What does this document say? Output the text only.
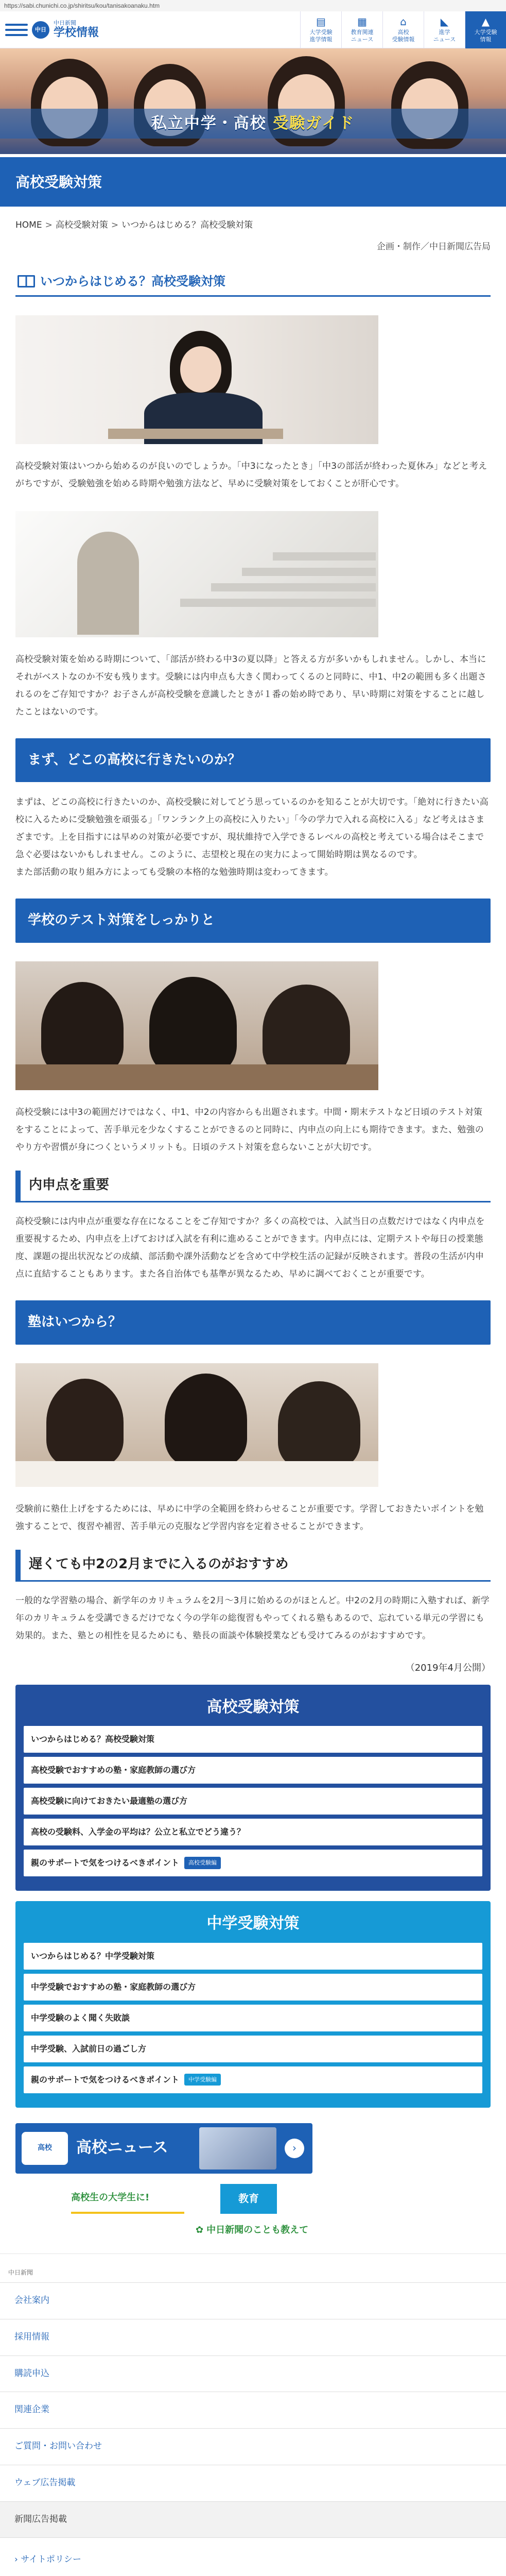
https://sabi.chunichi.co.jp/shiritsu/kou/tanisakoanaku.htm
中日
中日新聞
学校情報
▤
大学受験
進学情報
▦
教育関連
ニュース
⌂
高校
受験情報
◣
進学
ニュース
▲
大学受験
情報
私立中学・高校 受験ガイド
高校受験対策
HOME > 高校受験対策 > いつからはじめる？高校受験対策
企画・制作／中日新聞広告局
いつからはじめる？高校受験対策

高校受験対策はいつから始めるのが良いのでしょうか。「中3になったとき」「中3の部活が終わった夏休み」などと考えがちですが、受験勉強を始める時期や勉強方法など、早めに受験対策をしておくことが肝心です。

高校受験対策を始める時期について、「部活が終わる中3の夏以降」と答える方が多いかもしれません。しかし、本当にそれがベストなのか不安も残ります。受験には内申点も大きく関わってくるのと同時に、中1、中2の範囲も多く出題されるのをご存知ですか？お子さんが高校受験を意識したときが１番の始め時であり、早い時期に対策をすることに越したことはないのです。

まず、どこの高校に行きたいのか？

まずは、どこの高校に行きたいのか、高校受験に対してどう思っているのかを知ることが大切です。「絶対に行きたい高校に入るために受験勉強を頑張る」「ワンランク上の高校に入りたい」「今の学力で入れる高校に入る」など考えはさまざまです。上を目指すには早めの対策が必要ですが、現状維持で入学できるレベルの高校と考えている場合はそこまで急ぐ必要はないかもしれません。このように、志望校と現在の実力によって開始時期は異なるのです。
また部活動の取り組み方によっても受験の本格的な勉強時期は変わってきます。

学校のテスト対策をしっかりと

高校受験には中3の範囲だけではなく、中1、中2の内容からも出題されます。中間・期末テストなど日頃のテスト対策をすることによって、苦手単元を少なくすることができるのと同時に、内申点の向上にも期待できます。また、勉強のやり方や習慣が身につくというメリットも。日頃のテスト対策を怠らないことが大切です。

内申点を重要

高校受験には内申点が重要な存在になることをご存知ですか？多くの高校では、入試当日の点数だけではなく内申点を重要視するため、内申点を上げておけば入試を有利に進めることができます。内申点には、定期テストや毎日の授業態度、課題の提出状況などの成績、部活動や課外活動などを含めて中学校生活の記録が反映されます。普段の生活が内申点に直結することもあります。また各自治体でも基準が異なるため、早めに調べておくことが重要です。

塾はいつから？

受験前に塾仕上げをするためには、早めに中学の全範囲を終わらせることが重要です。学習しておきたいポイントを勉強することで、復習や補習、苦手単元の克服など学習内容を定着させることができます。

遅くても中2の2月までに入るのがおすすめ

一般的な学習塾の場合、新学年のカリキュラムを2月〜3月に始めるのがほとんど。中2の2月の時期に入塾すれば、新学年のカリキュラムを受講できるだけでなく今の学年の総復習もやってくれる塾もあるので、忘れている単元の学習にも効果的。また、塾との相性を見るためにも、塾長の面談や体験授業なども受けてみるのがおすすめです。

（2019年4月公開）
高校受験対策
いつからはじめる？高校受験対策
高校受験でおすすめの塾・家庭教師の選び方
高校受験に向けておきたい最適塾の選び方
高校の受験料、入学金の平均は？公立と私立でどう違う？
親のサポートで気をつけるべきポイント	高校受験編
中学受験対策
いつからはじめる？中学受験対策
中学受験でおすすめの塾・家庭教師の選び方
中学受験のよく聞く失敗談
中学受験、入試前日の過ごし方
親のサポートで気をつけるべきポイント	中学受験編
高校	高校ニュース	›
高校生の大学生に!	教育
✿ 中日新聞のことも教えて
中日新聞
会社案内
採用情報
購読申込
関連企業
ご質問・お問い合わせ
ウェブ広告掲載
新聞広告掲載
› サイトポリシー
